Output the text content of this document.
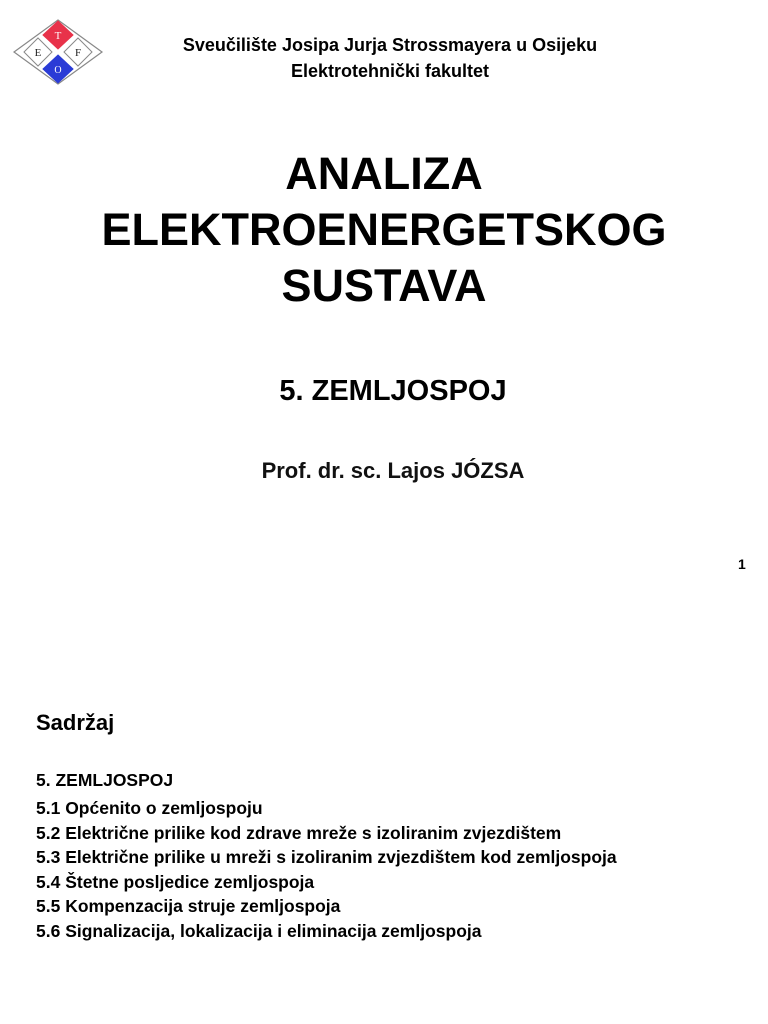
T
E	F
O
Sveučilište Josipa Jurja Strossmayera u Osijeku
Elektrotehnički fakultet
ANALIZA
ELEKTROENERGETSKOG
SUSTAVA
5. ZEMLJOSPOJ
Prof. dr. sc. Lajos JÓZSA
1
Sadržaj
5. ZEMLJOSPOJ
5.1 Općenito o zemljospoju
5.2 Električne prilike kod zdrave mreže s izoliranim zvjezdištem
5.3 Električne prilike u mreži s izoliranim zvjezdištem kod zemljospoja
5.4 Štetne posljedice zemljospoja
5.5 Kompenzacija struje zemljospoja
5.6 Signalizacija, lokalizacija i eliminacija zemljospoja
